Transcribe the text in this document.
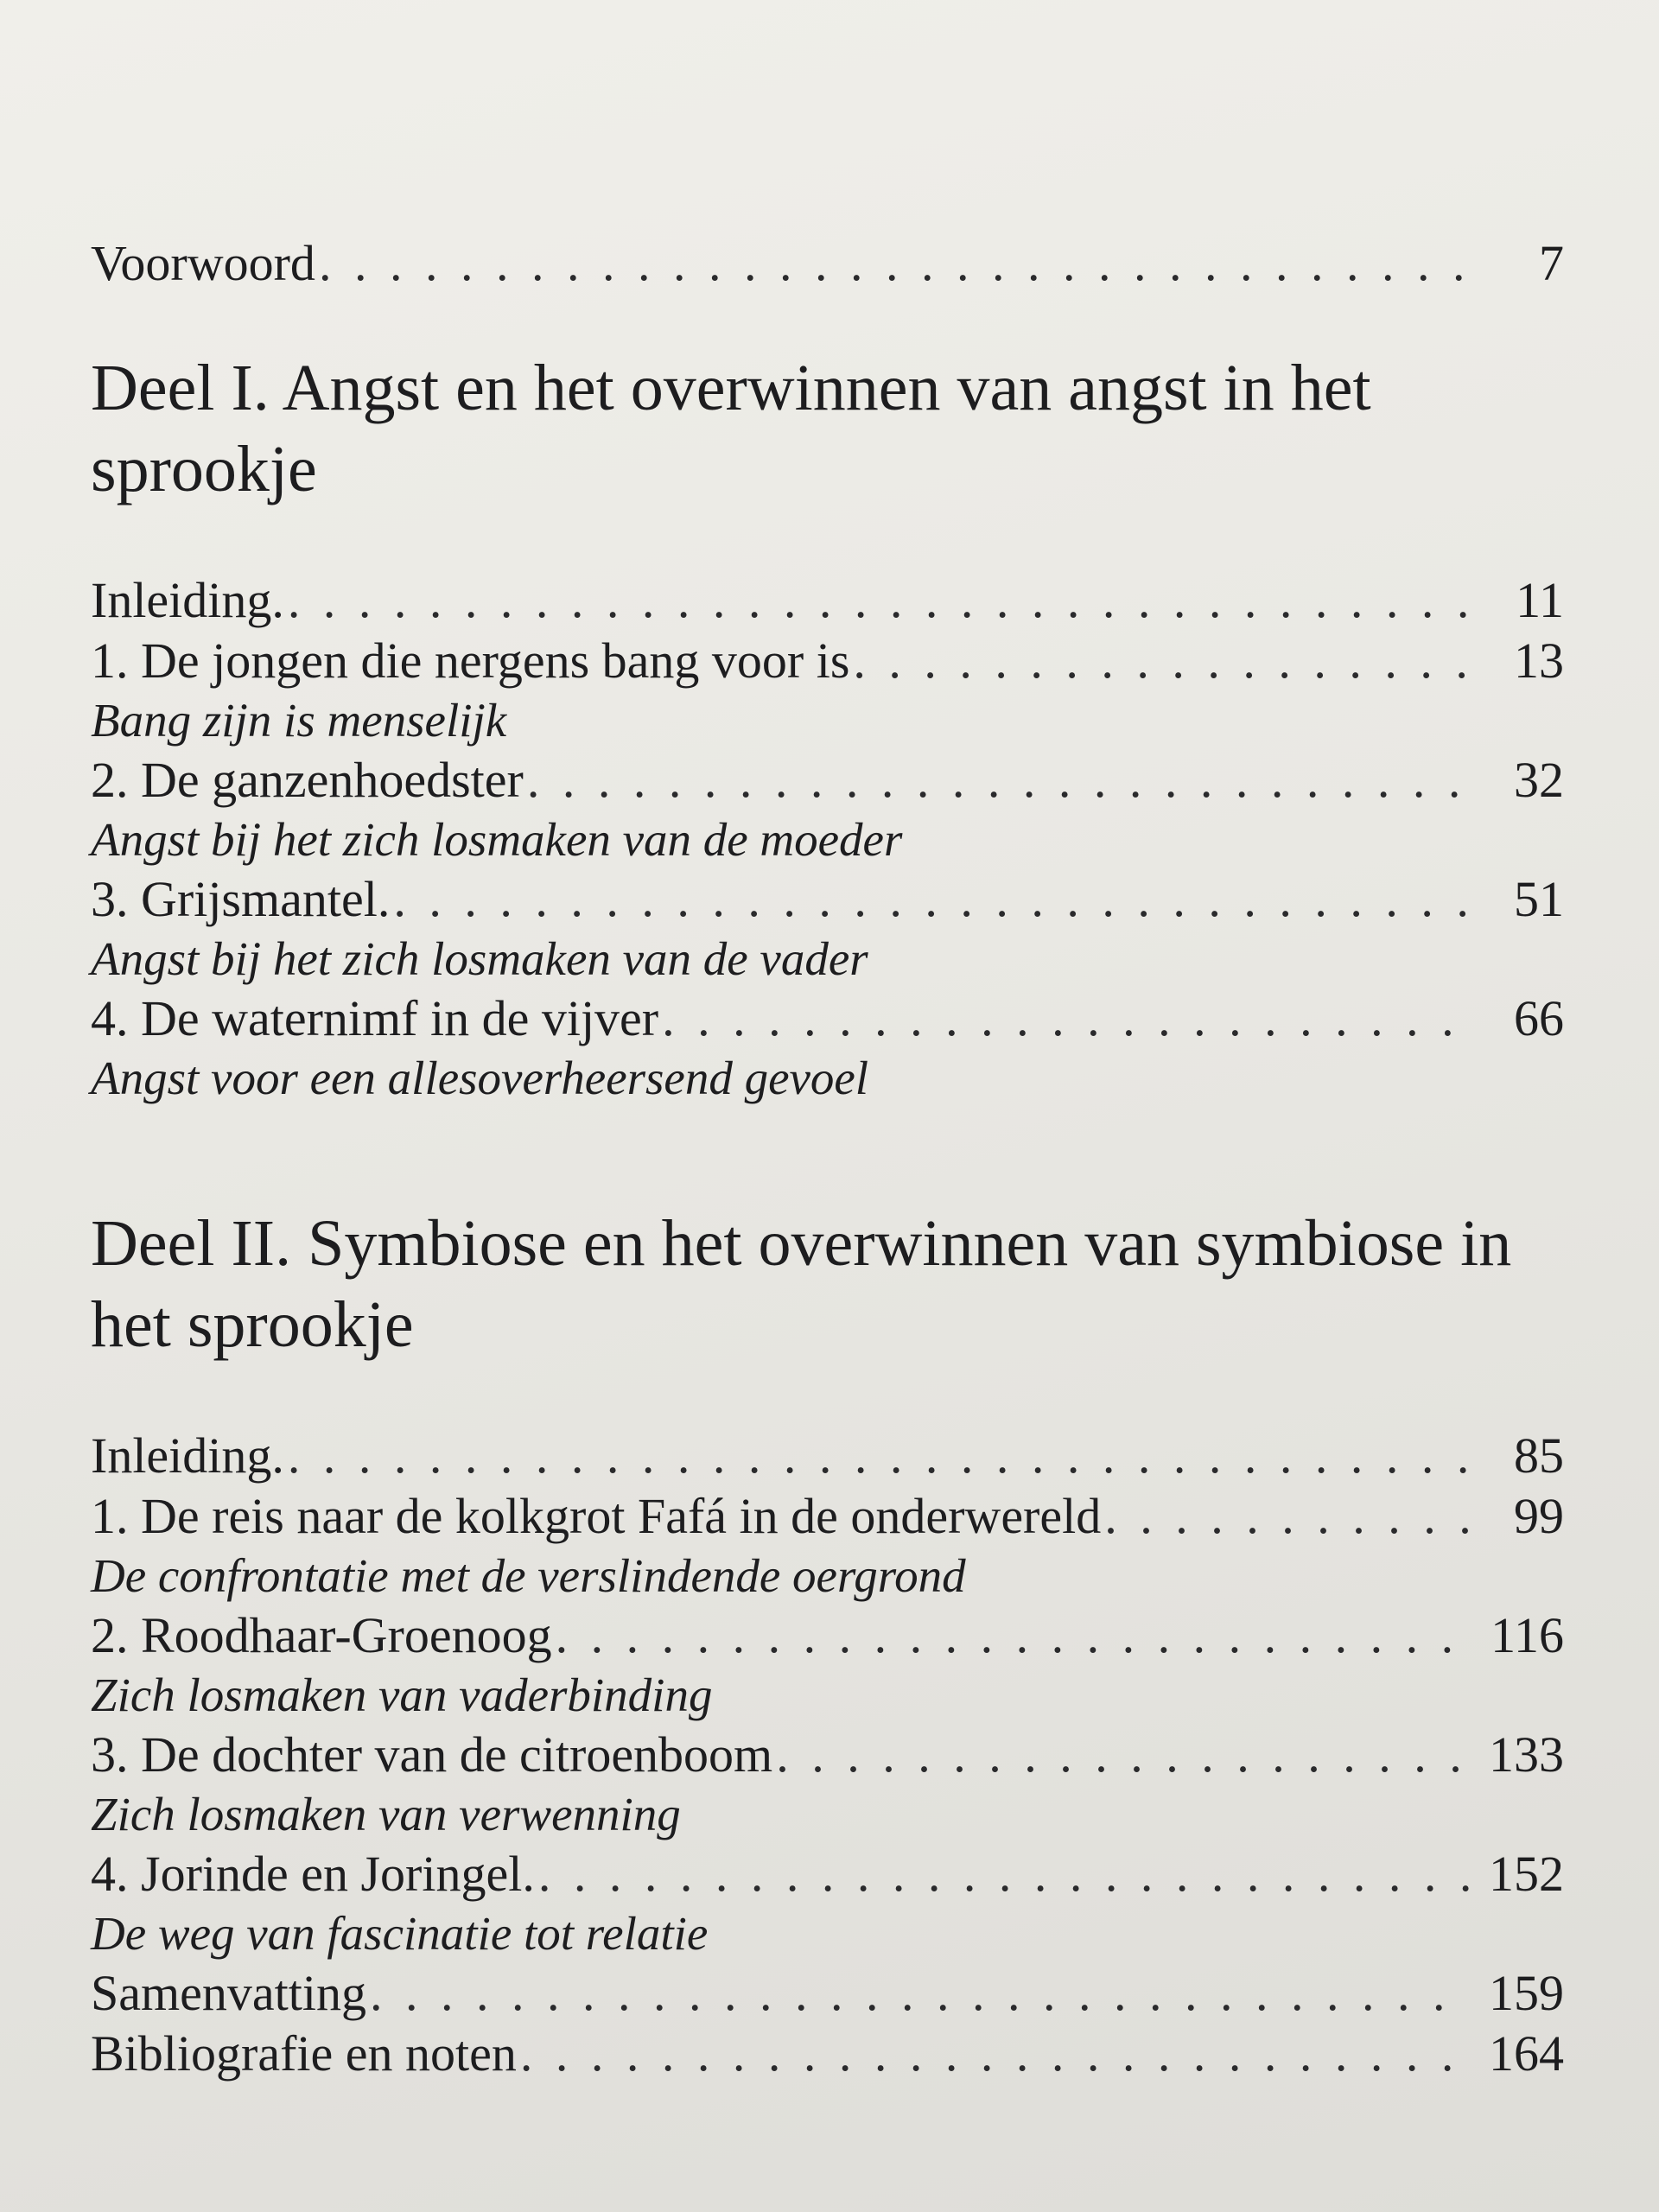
Voorwoord . . .	7
Deel I. Angst en het overwinnen van angst in het sprookje
Inleiding. . . .	11
1. De jongen die nergens bang voor is . . .	13
Bang zijn is menselijk
2. De ganzenhoedster . . .	32
Angst bij het zich losmaken van de moeder
3. Grijsmantel. . . .	51
Angst bij het zich losmaken van de vader
4. De waternimf in de vijver . . .	66
Angst voor een allesoverheersend gevoel
Deel II. Symbiose en het overwinnen van symbiose in het sprookje
Inleiding. . . .	85
1. De reis naar de kolkgrot Fafá in de onderwereld . . .	99
De confrontatie met de verslindende oergrond
2. Roodhaar-Groenoog . . .	116
Zich losmaken van vaderbinding
3. De dochter van de citroenboom . . .	133
Zich losmaken van verwenning
4. Jorinde en Joringel. . . .	152
De weg van fascinatie tot relatie
Samenvatting . . .	159
Bibliografie en noten . . .	164
